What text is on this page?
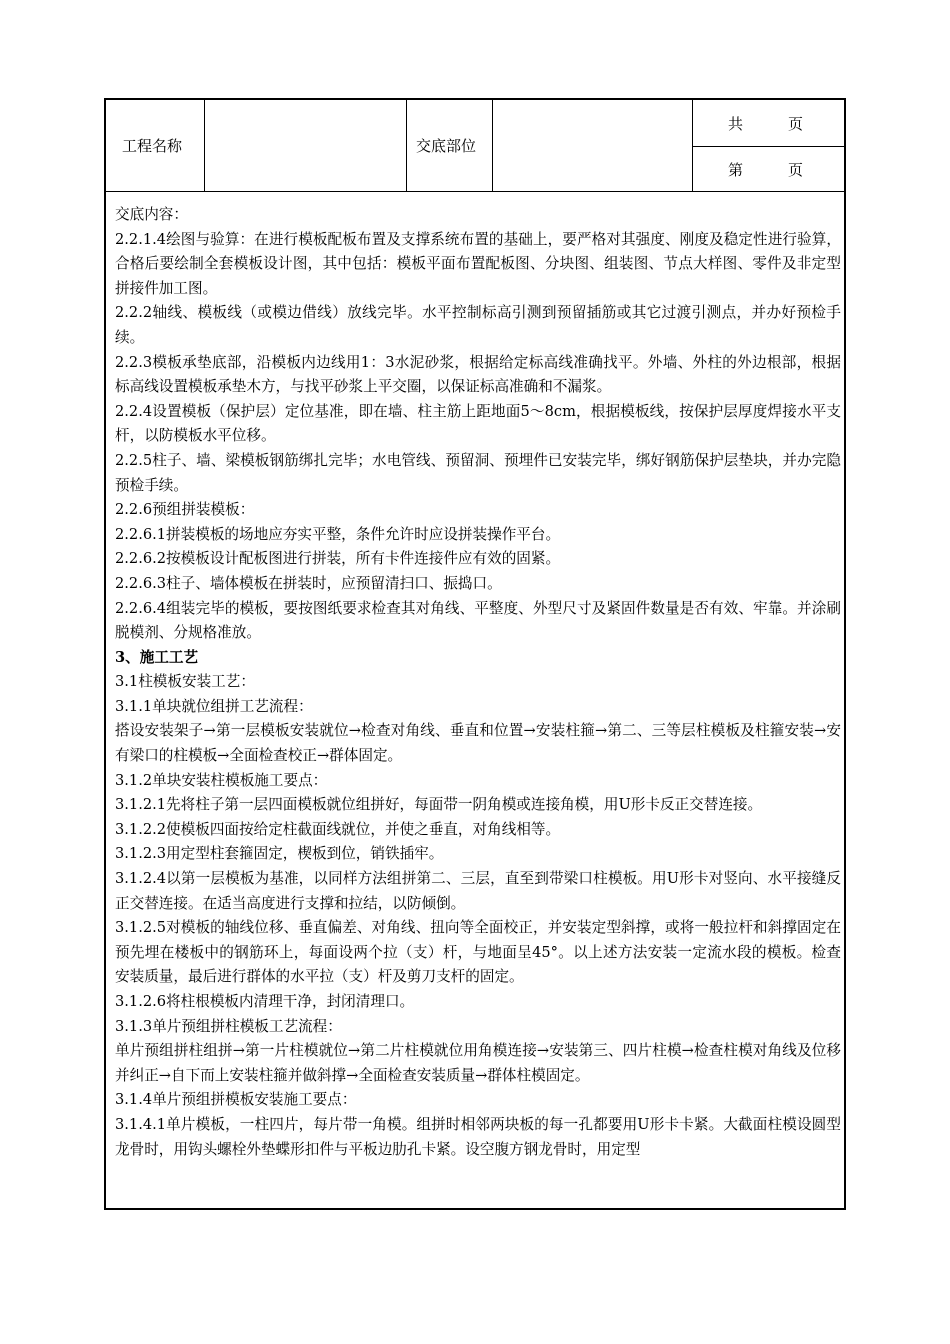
工程名称	交底部位
共　　　页
第　　　页

交底内容：

2.2.1.4绘图与验算：在进行模板配板布置及支撑系统布置的基础上，要严格对其强度、刚度及稳定性进行验算，合格后要绘制全套模板设计图，其中包括：模板平面布置配板图、分块图、组装图、节点大样图、零件及非定型拼接件加工图。

2.2.2轴线、模板线（或模边借线）放线完毕。水平控制标高引测到预留插筋或其它过渡引测点，并办好预检手续。

2.2.3模板承垫底部，沿模板内边线用1：3水泥砂浆，根据给定标高线准确找平。外墙、外柱的外边根部，根据标高线设置模板承垫木方，与找平砂浆上平交圈，以保证标高准确和不漏浆。

2.2.4设置模板（保护层）定位基准，即在墙、柱主筋上距地面5～8cm，根据模板线，按保护层厚度焊接水平支杆，以防模板水平位移。

2.2.5柱子、墙、梁模板钢筋绑扎完毕；水电管线、预留洞、预埋件已安装完毕，绑好钢筋保护层垫块，并办完隐预检手续。

2.2.6预组拼装模板：

2.2.6.1拼装模板的场地应夯实平整，条件允许时应设拼装操作平台。

2.2.6.2按模板设计配板图进行拼装，所有卡件连接件应有效的固紧。

2.2.6.3柱子、墙体模板在拼装时，应预留清扫口、振捣口。

2.2.6.4组装完毕的模板，要按图纸要求检查其对角线、平整度、外型尺寸及紧固件数量是否有效、牢靠。并涂刷脱模剂、分规格准放。

3、施工工艺

3.1柱模板安装工艺：

3.1.1单块就位组拼工艺流程：

搭设安装架子→第一层模板安装就位→检查对角线、垂直和位置→安装柱箍→第二、三等层柱模板及柱箍安装→安有梁口的柱模板→全面检查校正→群体固定。

3.1.2单块安装柱模板施工要点：

3.1.2.1先将柱子第一层四面模板就位组拼好，每面带一阴角模或连接角模，用U形卡反正交替连接。

3.1.2.2使模板四面按给定柱截面线就位，并使之垂直，对角线相等。

3.1.2.3用定型柱套箍固定，楔板到位，销铁插牢。

3.1.2.4以第一层模板为基准，以同样方法组拼第二、三层，直至到带梁口柱模板。用U形卡对竖向、水平接缝反正交替连接。在适当高度进行支撑和拉结，以防倾倒。

3.1.2.5对模板的轴线位移、垂直偏差、对角线、扭向等全面校正，并安装定型斜撑，或将一般拉杆和斜撑固定在预先埋在楼板中的钢筋环上，每面设两个拉（支）杆，与地面呈45°。以上述方法安装一定流水段的模板。检查安装质量，最后进行群体的水平拉（支）杆及剪刀支杆的固定。

3.1.2.6将柱根模板内清理干净，封闭清理口。

3.1.3单片预组拼柱模板工艺流程：

单片预组拼柱组拼→第一片柱模就位→第二片柱模就位用角模连接→安装第三、四片柱模→检查柱模对角线及位移并纠正→自下而上安装柱箍并做斜撑→全面检查安装质量→群体柱模固定。

3.1.4单片预组拼模板安装施工要点：

3.1.4.1单片模板，一柱四片，每片带一角模。组拼时相邻两块板的每一孔都要用U形卡卡紧。大截面柱模设圆型龙骨时，用钩头螺栓外垫蝶形扣件与平板边肋孔卡紧。设空腹方钢龙骨时，用定型
